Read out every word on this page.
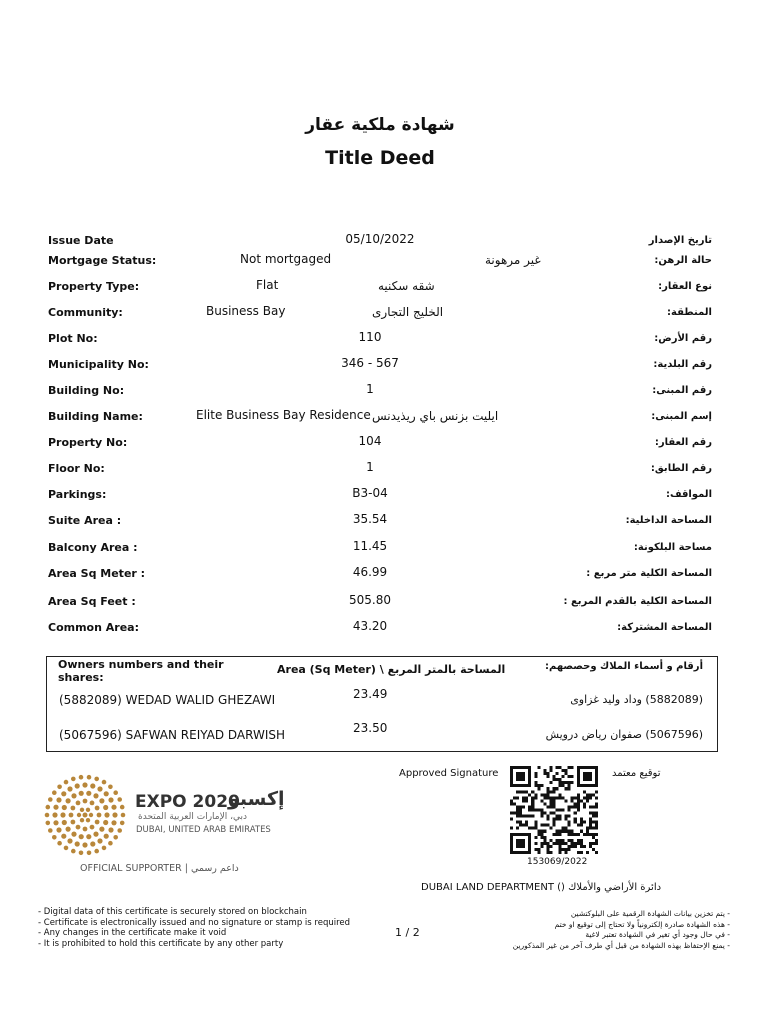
شهادة ملكية عقار
Title Deed
Issue Date	05/10/2022	تاريخ الإصدار
Mortgage Status:	Not mortgaged	غير مرهونة	حالة الرهن:
Property Type:	Flat	شقه سكنيه	نوع العقار:
Community:	Business Bay	الخليج التجارى	المنطقة:
Plot No:	110	رقم الأرض:
Municipality No:	346 - 567	رقم البلدية:
Building No:	1	رقم المبنى:
Building Name:	Elite Business Bay Residence ايليت بزنس باي ريذيدنس	إسم المبنى:
Property No:	104	رقم العقار:
Floor No:	1	رقم الطابق:
Parkings:	B3-04	المواقف:
Suite Area :	35.54	المساحة الداخلية:
Balcony Area :	11.45	مساحة البلكونة:
Area Sq Meter :	46.99	المساحة الكلية متر مربع :
Area Sq Feet :	505.80	المساحة الكلية بالقدم المربع :
Common Area:	43.20	المساحة المشتركة:
Owners numbers and their
shares:
Area (Sq Meter) \ المساحة بالمتر المربع	أرقام و أسماء الملاك وحصصهم:
(5882089) WEDAD WALID GHEZAWI	23.49	(5882089) وداد وليد غزاوى
(5067596) SAFWAN REIYAD DARWISH	23.50	(5067596) صفوان رياض درويش
EXPO 2020
إكسبو
دبي، الإمارات العربية المتحدة
DUBAI, UNITED ARAB EMIRATES
OFFICIAL SUPPORTER | داعم رسمي
Approved Signature	توقيع معتمد
153069/2022
DUBAI LAND DEPARTMENT () دائرة الأراضي والأملاك
- Digital data of this certificate is securely stored on blockchain
- Certificate is electronically issued and no signature or stamp is required
- Any changes in the certificate make it void
- It is prohibited to hold this certificate by any other party
1 / 2
- يتم تخزين بيانات الشهادة الرقمية على البلوكتشين
- هذه الشهادة صادرة إلكترونياً ولا تحتاج إلى توقيع او ختم
- في حال وجود أي تغير في الشهادة تعتبر لاغية
- يمنع الإحتفاظ بهذه الشهادة من قبل أي طرف آخر من غير المذكورين
